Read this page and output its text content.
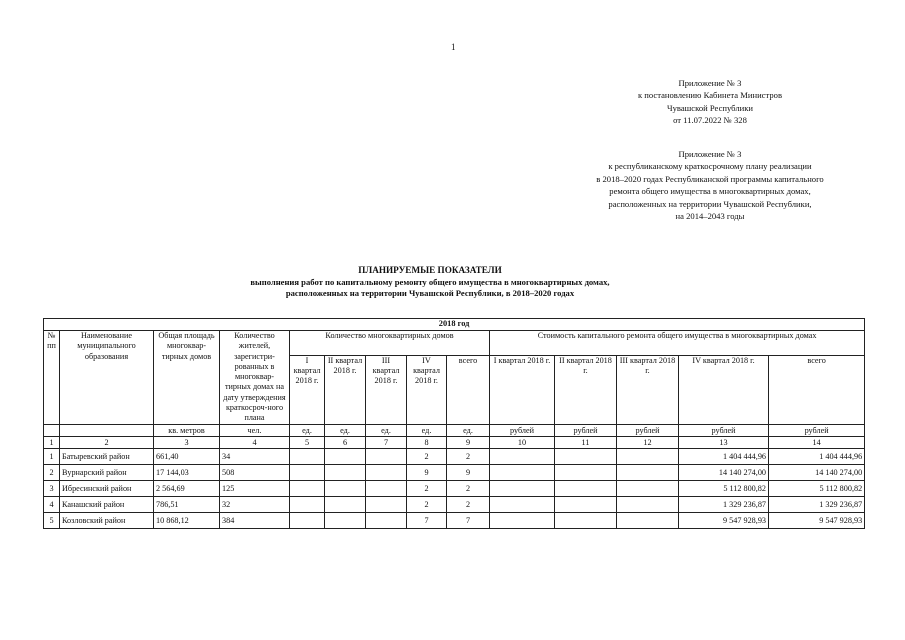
1
Приложение № 3
к постановлению Кабинета Министров
Чувашской Республики
от 11.07.2022 № 328
Приложение № 3
к республиканскому краткосрочному плану реализации
в 2018–2020 годах Республиканской программы капитального
ремонта общего имущества в многоквартирных домах,
расположенных на территории Чувашской Республики,
на 2014–2043 годы
ПЛАНИРУЕМЫЕ ПОКАЗАТЕЛИ
выполнения работ по капитальному ремонту общего имущества в многоквартирных домах,
расположенных на территории Чувашской Республики, в 2018–2020 годах
2018 год													
№ пп	Наименование муниципального образования	Общая площадь многоквар-тирных домов	Количество жителей, зарегистри-рованных в многоквар-тирных домах на дату утверждения краткосроч-ного плана	Количество многоквартирных домов					Стоимость капитального ремонта общего имущества в многоквартирных домах				
				I квартал 2018 г.	II квартал 2018 г.	III квартал 2018 г.	IV квартал 2018 г.	всего	I квартал 2018 г.	II квартал 2018 г.	III квартал 2018 г.	IV квартал 2018 г.	всего
		кв. метров	чел.	ед.	ед.	ед.	ед.	ед.	рублей	рублей	рублей	рублей	рублей
1	2	3	4	5	6	7	8	9	10	11	12	13	14
1	Батыревский район	661,40	34				2	2				1 404 444,96	1 404 444,96
2	Вурнарский район	17 144,03	508				9	9				14 140 274,00	14 140 274,00
3	Ибресинский район	2 564,69	125				2	2				5 112 800,82	5 112 800,82
4	Канашский район	786,51	32				2	2				1 329 236,87	1 329 236,87
5	Козловский район	10 868,12	384				7	7				9 547 928,93	9 547 928,93
